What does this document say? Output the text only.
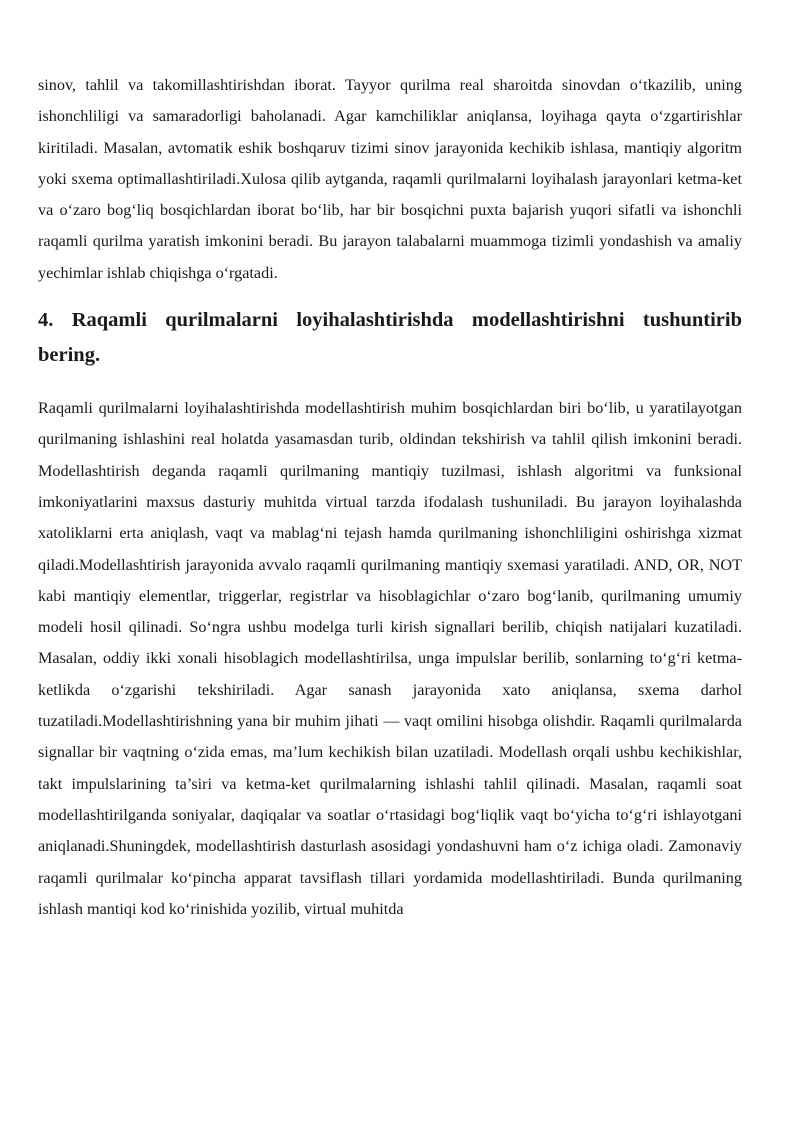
sinov, tahlil va takomillashtirishdan iborat. Tayyor qurilma real sharoitda sinovdan o‘tkazilib, uning ishonchliligi va samaradorligi baholanadi. Agar kamchiliklar aniqlansa, loyihaga qayta o‘zgartirishlar kiritiladi. Masalan, avtomatik eshik boshqaruv tizimi sinov jarayonida kechikib ishlasa, mantiqiy algoritm yoki sxema optimallashtiriladi.Xulosa qilib aytganda, raqamli qurilmalarni loyihalash jarayonlari ketma-ket va o‘zaro bog‘liq bosqichlardan iborat bo‘lib, har bir bosqichni puxta bajarish yuqori sifatli va ishonchli raqamli qurilma yaratish imkonini beradi. Bu jarayon talabalarni muammoga tizimli yondashish va amaliy yechimlar ishlab chiqishga o‘rgatadi.

4. Raqamli qurilmalarni loyihalashtirishda modellashtirishni tushuntirib bering.

Raqamli qurilmalarni loyihalashtirishda modellashtirish muhim bosqichlardan biri bo‘lib, u yaratilayotgan qurilmaning ishlashini real holatda yasamasdan turib, oldindan tekshirish va tahlil qilish imkonini beradi. Modellashtirish deganda raqamli qurilmaning mantiqiy tuzilmasi, ishlash algoritmi va funksional imkoniyatlarini maxsus dasturiy muhitda virtual tarzda ifodalash tushuniladi. Bu jarayon loyihalashda xatoliklarni erta aniqlash, vaqt va mablag‘ni tejash hamda qurilmaning ishonchliligini oshirishga xizmat qiladi.Modellashtirish jarayonida avvalo raqamli qurilmaning mantiqiy sxemasi yaratiladi. AND, OR, NOT kabi mantiqiy elementlar, triggerlar, registrlar va hisoblagichlar o‘zaro bog‘lanib, qurilmaning umumiy modeli hosil qilinadi. So‘ngra ushbu modelga turli kirish signallari berilib, chiqish natijalari kuzatiladi. Masalan, oddiy ikki xonali hisoblagich modellashtirilsa, unga impulslar berilib, sonlarning to‘g‘ri ketma-ketlikda o‘zgarishi tekshiriladi. Agar sanash jarayonida xato aniqlansa, sxema darhol tuzatiladi.Modellashtirishning yana bir muhim jihati — vaqt omilini hisobga olishdir. Raqamli qurilmalarda signallar bir vaqtning o‘zida emas, ma’lum kechikish bilan uzatiladi. Modellash orqali ushbu kechikishlar, takt impulslarining ta’siri va ketma-ket qurilmalarning ishlashi tahlil qilinadi. Masalan, raqamli soat modellashtirilganda soniyalar, daqiqalar va soatlar o‘rtasidagi bog‘liqlik vaqt bo‘yicha to‘g‘ri ishlayotgani aniqlanadi.Shuningdek, modellashtirish dasturlash asosidagi yondashuvni ham o‘z ichiga oladi. Zamonaviy raqamli qurilmalar ko‘pincha apparat tavsiflash tillari yordamida modellashtiriladi. Bunda qurilmaning ishlash mantiqi kod ko‘rinishida yozilib, virtual muhitda
